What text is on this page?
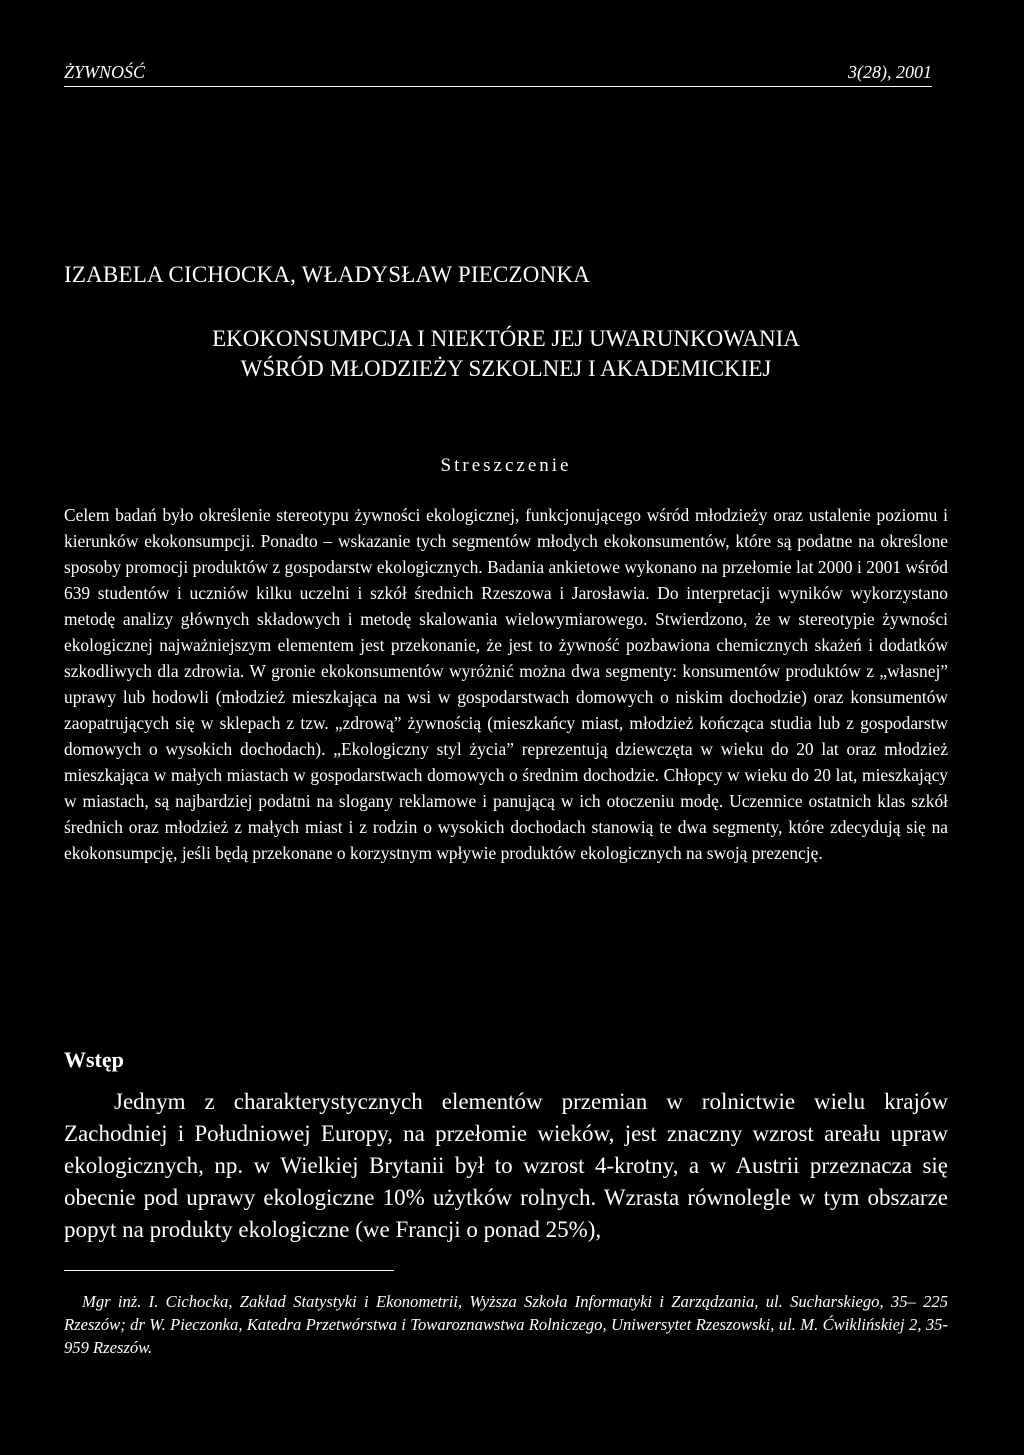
ŻYWNOŚĆ	3(28), 2001
IZABELA CICHOCKA, WŁADYSŁAW PIECZONKA
EKOKONSUMPCJA I NIEKTÓRE JEJ UWARUNKOWANIA
WŚRÓD MŁODZIEŻY SZKOLNEJ I AKADEMICKIEJ
Streszczenie
Celem badań było określenie stereotypu żywności ekologicznej, funkcjonującego wśród młodzieży oraz ustalenie poziomu i kierunków ekokonsumpcji. Ponadto – wskazanie tych segmentów młodych ekokonsumentów, które są podatne na określone sposoby promocji produktów z gospodarstw ekologicznych. Badania ankietowe wykonano na przełomie lat 2000 i 2001 wśród 639 studentów i uczniów kilku uczelni i szkół średnich Rzeszowa i Jarosławia. Do interpretacji wyników wykorzystano metodę analizy głównych składowych i metodę skalowania wielowymiarowego. Stwierdzono, że w stereotypie żywności ekologicznej najważniejszym elementem jest przekonanie, że jest to żywność pozbawiona chemicznych skażeń i dodatków szkodliwych dla zdrowia. W gronie ekokonsumentów wyróżnić można dwa segmenty: konsumentów produktów z „własnej” uprawy lub hodowli (młodzież mieszkająca na wsi w gospodarstwach domowych o niskim dochodzie) oraz konsumentów zaopatrujących się w sklepach z tzw. „zdrową” żywnością (mieszkańcy miast, młodzież kończąca studia lub z gospodarstw domowych o wysokich dochodach). „Ekologiczny styl życia” reprezentują dziewczęta w wieku do 20 lat oraz młodzież mieszkająca w małych miastach w gospodarstwach domowych o średnim dochodzie. Chłopcy w wieku do 20 lat, mieszkający w miastach, są najbardziej podatni na slogany reklamowe i panującą w ich otoczeniu modę. Uczennice ostatnich klas szkół średnich oraz młodzież z małych miast i z rodzin o wysokich dochodach stanowią te dwa segmenty, które zdecydują się na ekokonsumpcję, jeśli będą przekonane o korzystnym wpływie produktów ekologicznych na swoją prezencję.
Wstęp
Jednym z charakterystycznych elementów przemian w rolnictwie wielu krajów Zachodniej i Południowej Europy, na przełomie wieków, jest znaczny wzrost areału upraw ekologicznych, np. w Wielkiej Brytanii był to wzrost 4-krotny, a w Austrii przeznacza się obecnie pod uprawy ekologiczne 10% użytków rolnych. Wzrasta równolegle w tym obszarze popyt na produkty ekologiczne (we Francji o ponad 25%),
Mgr inż. I. Cichocka, Zakład Statystyki i Ekonometrii, Wyższa Szkoła Informatyki i Zarządzania, ul. Sucharskiego, 35– 225 Rzeszów; dr W. Pieczonka, Katedra Przetwórstwa i Towaroznawstwa Rolniczego, Uniwersytet Rzeszowski, ul. M. Ćwiklińskiej 2, 35-959 Rzeszów.
